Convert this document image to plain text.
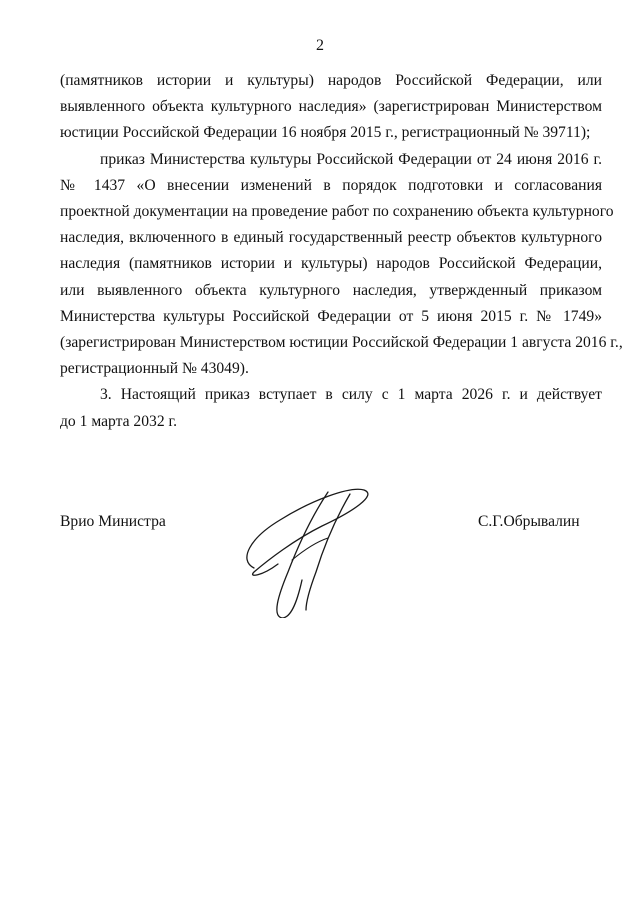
2

(памятников истории и культуры) народов Российской Федерации, или
выявленного объекта культурного наследия» (зарегистрирован Министерством
юстиции Российской Федерации 16 ноября 2015 г., регистрационный № 39711);

приказ Министерства культуры Российской Федерации от 24 июня 2016 г.
№ 1437 «О внесении изменений в порядок подготовки и согласования
проектной документации на проведение работ по сохранению объекта культурного
наследия, включенного в единый государственный реестр объектов культурного
наследия (памятников истории и культуры) народов Российской Федерации,
или выявленного объекта культурного наследия, утвержденный приказом
Министерства культуры Российской Федерации от 5 июня 2015 г. № 1749»
(зарегистрирован Министерством юстиции Российской Федерации 1 августа 2016 г.,
регистрационный № 43049).

3. Настоящий приказ вступает в силу с 1 марта 2026 г. и действует
до 1 марта 2032 г.

Врио Министра	С.Г.Обрывалин
